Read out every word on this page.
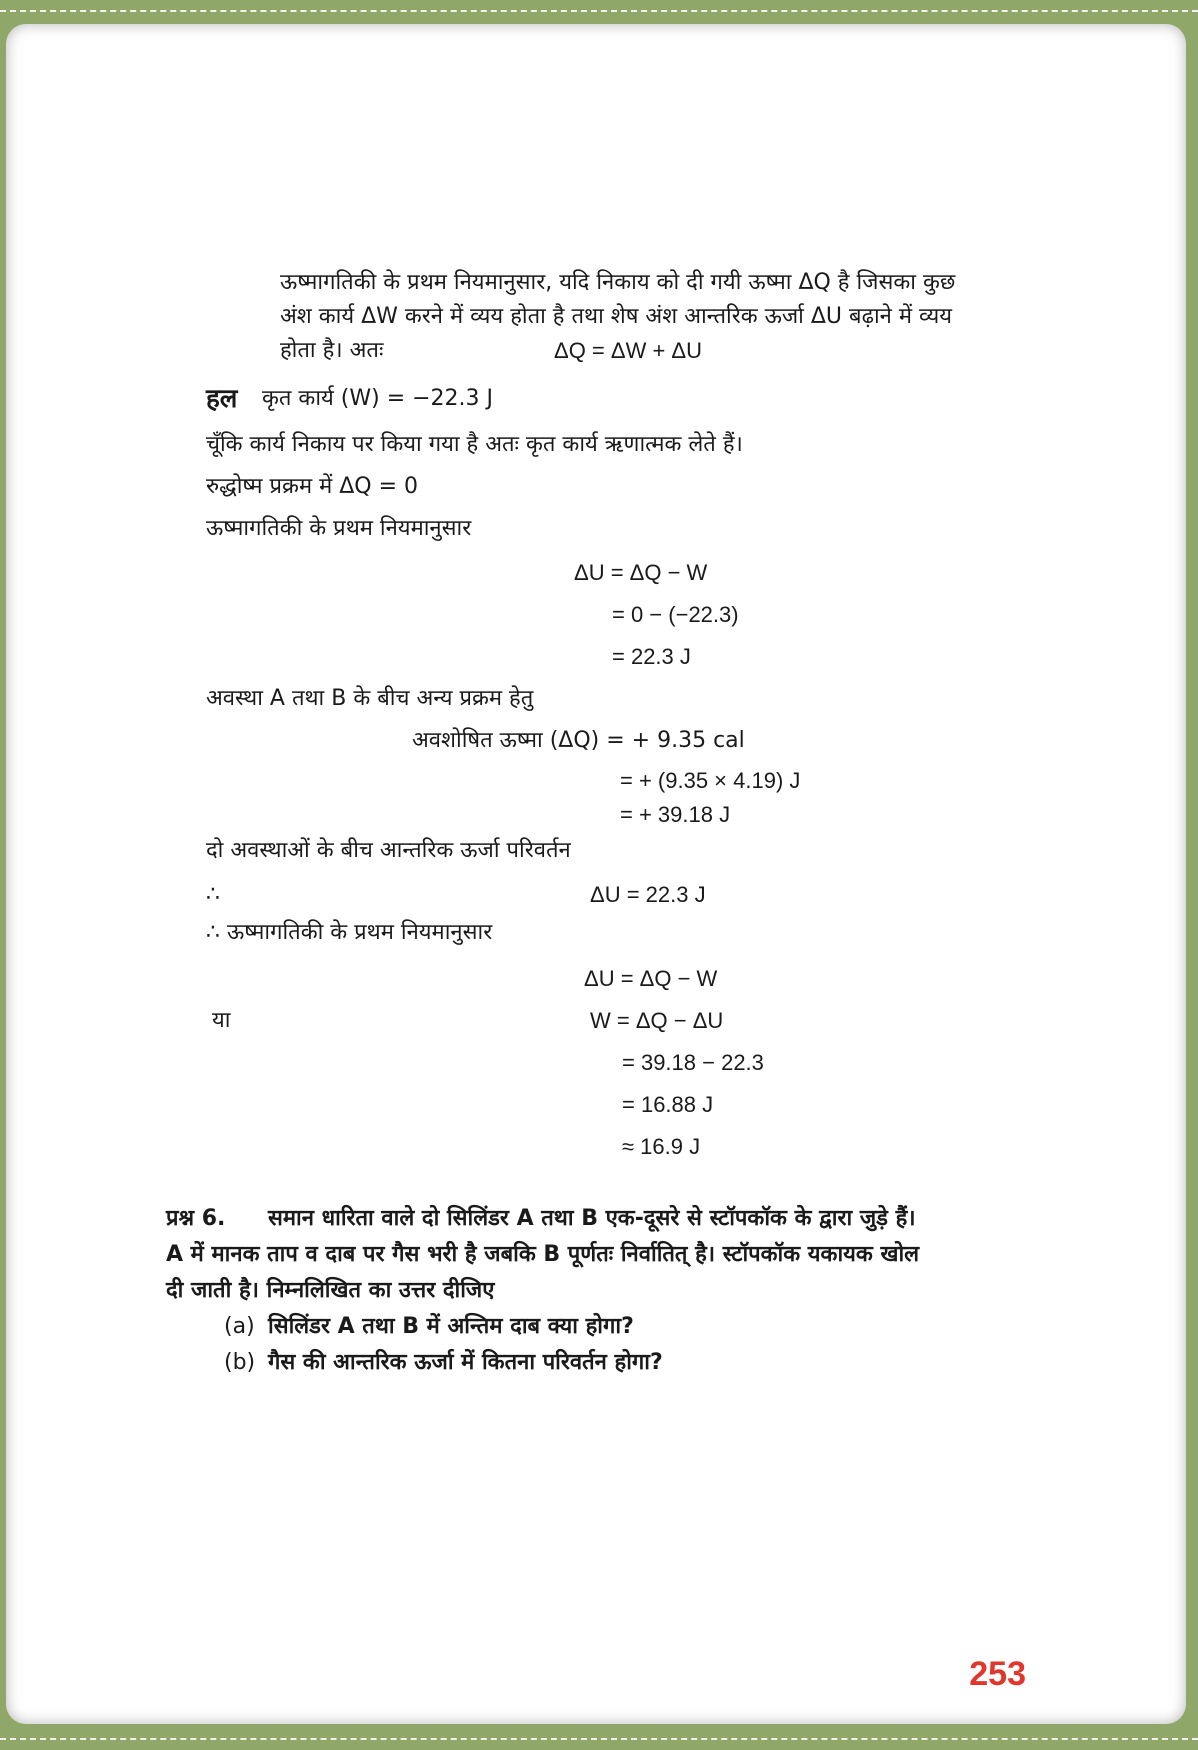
ऊष्मागतिकी के प्रथम नियमानुसार, यदि निकाय को दी गयी ऊष्मा ΔQ है जिसका कुछ
अंश कार्य ΔW करने में व्यय होता है तथा शेष अंश आन्तरिक ऊर्जा ΔU बढ़ाने में व्यय
होता है। अतः	ΔQ = ΔW + ΔU
हल कृत कार्य (W) = −22.3 J
चूँकि कार्य निकाय पर किया गया है अतः कृत कार्य ऋणात्मक लेते हैं।
रुद्धोष्म प्रक्रम में ΔQ = 0
ऊष्मागतिकी के प्रथम नियमानुसार
ΔU = ΔQ − W
= 0 − (−22.3)
= 22.3 J
अवस्था A तथा B के बीच अन्य प्रक्रम हेतु
अवशोषित ऊष्मा (ΔQ) = + 9.35 cal
= + (9.35 × 4.19) J
= + 39.18 J
दो अवस्थाओं के बीच आन्तरिक ऊर्जा परिवर्तन
∴	ΔU = 22.3 J
∴ ऊष्मागतिकी के प्रथम नियमानुसार
ΔU = ΔQ − W
या	W = ΔQ − ΔU
= 39.18 − 22.3
= 16.88 J
≈ 16.9 J
प्रश्न 6. समान धारिता वाले दो सिलिंडर A तथा B एक-दूसरे से स्टॉपकॉक के द्वारा जुड़े हैं।
A में मानक ताप व दाब पर गैस भरी है जबकि B पूर्णतः निर्वातित् है। स्टॉपकॉक यकायक खोल
दी जाती है। निम्नलिखित का उत्तर दीजिए
(a) सिलिंडर A तथा B में अन्तिम दाब क्या होगा?
(b) गैस की आन्तरिक ऊर्जा में कितना परिवर्तन होगा?
253
